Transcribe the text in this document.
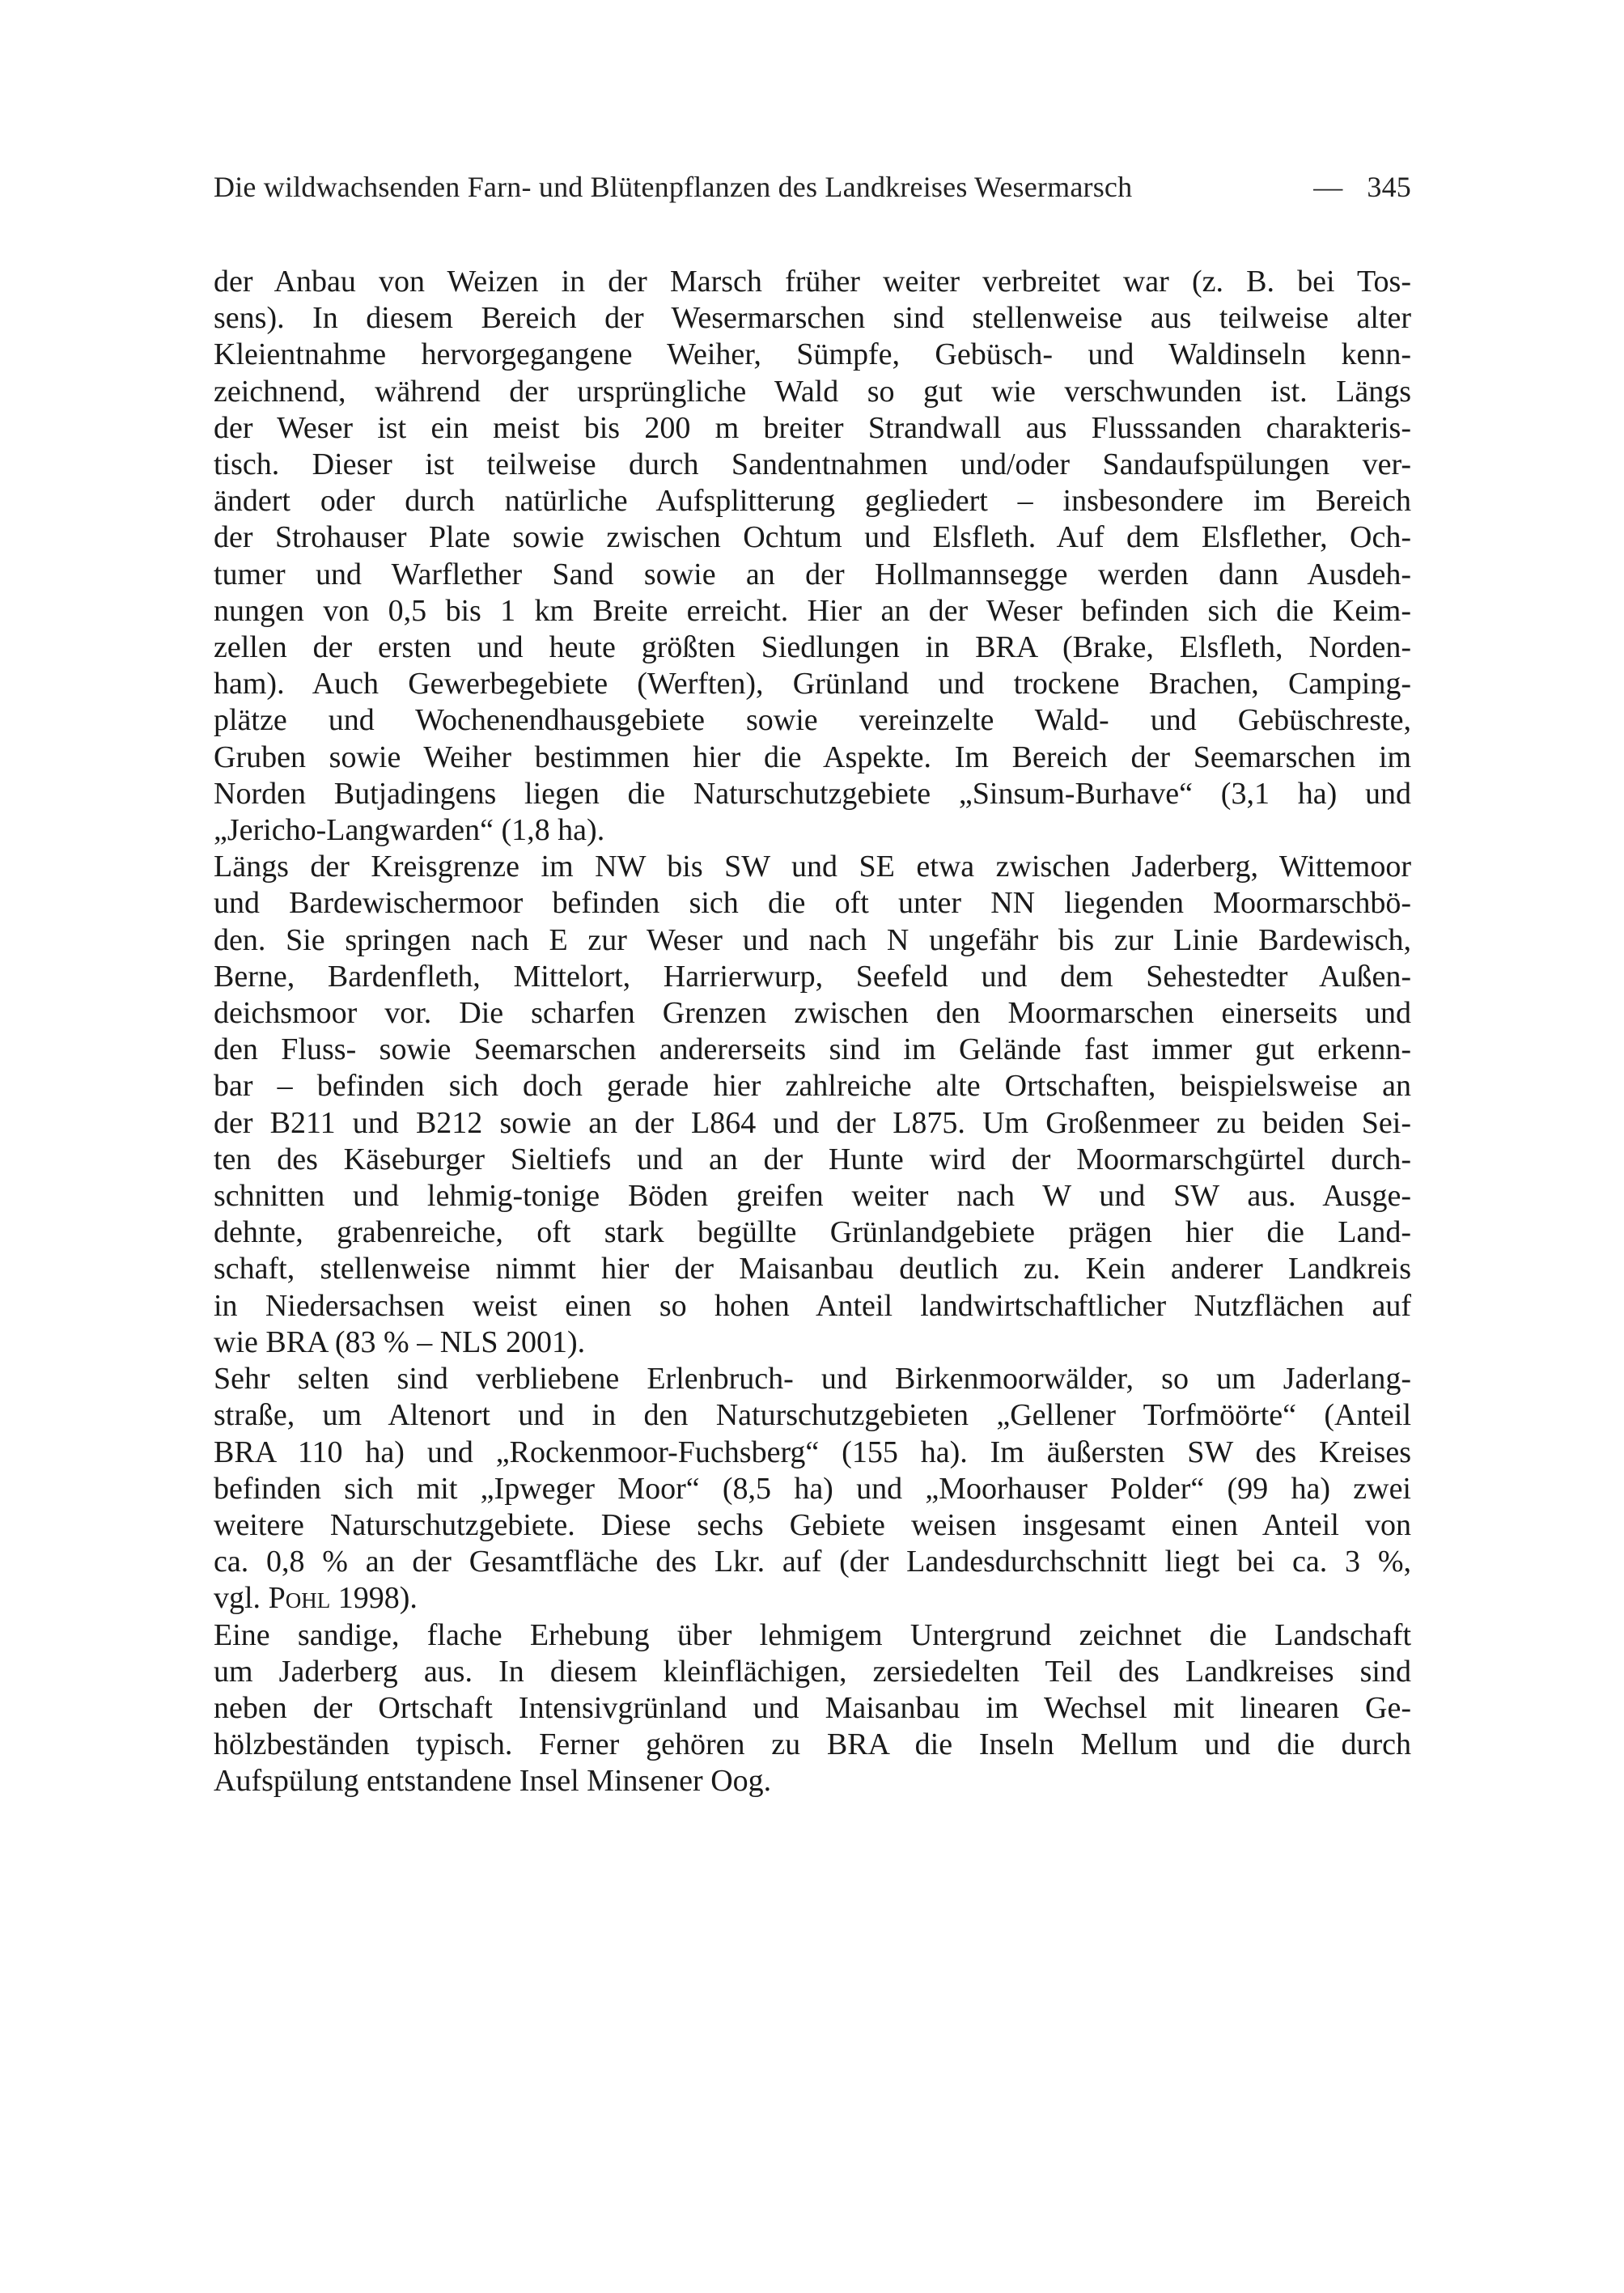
Die wildwachsenden Farn- und Blütenpflanzen des Landkreises Wesermarsch	— 345
der Anbau von Weizen in der Marsch früher weiter verbreitet war (z. B. bei Tos-
sens). In diesem Bereich der Wesermarschen sind stellenweise aus teilweise alter
Kleientnahme hervorgegangene Weiher, Sümpfe, Gebüsch- und Waldinseln kenn-
zeichnend, während der ursprüngliche Wald so gut wie verschwunden ist. Längs
der Weser ist ein meist bis 200 m breiter Strandwall aus Flusssanden charakteris-
tisch. Dieser ist teilweise durch Sandentnahmen und/oder Sandaufspülungen ver-
ändert oder durch natürliche Aufsplitterung gegliedert – insbesondere im Bereich
der Strohauser Plate sowie zwischen Ochtum und Elsfleth. Auf dem Elsflether, Och-
tumer und Warflether Sand sowie an der Hollmannsegge werden dann Ausdeh-
nungen von 0,5 bis 1 km Breite erreicht. Hier an der Weser befinden sich die Keim-
zellen der ersten und heute größten Siedlungen in BRA (Brake, Elsfleth, Norden-
ham). Auch Gewerbegebiete (Werften), Grünland und trockene Brachen, Camping-
plätze und Wochenendhausgebiete sowie vereinzelte Wald- und Gebüschreste,
Gruben sowie Weiher bestimmen hier die Aspekte. Im Bereich der Seemarschen im
Norden Butjadingens liegen die Naturschutzgebiete „Sinsum-Burhave“ (3,1 ha) und
„Jericho-Langwarden“ (1,8 ha).
Längs der Kreisgrenze im NW bis SW und SE etwa zwischen Jaderberg, Wittemoor
und Bardewischermoor befinden sich die oft unter NN liegenden Moormarschbö-
den. Sie springen nach E zur Weser und nach N ungefähr bis zur Linie Bardewisch,
Berne, Bardenfleth, Mittelort, Harrierwurp, Seefeld und dem Sehestedter Außen-
deichsmoor vor. Die scharfen Grenzen zwischen den Moormarschen einerseits und
den Fluss- sowie Seemarschen andererseits sind im Gelände fast immer gut erkenn-
bar – befinden sich doch gerade hier zahlreiche alte Ortschaften, beispielsweise an
der B211 und B212 sowie an der L864 und der L875. Um Großenmeer zu beiden Sei-
ten des Käseburger Sieltiefs und an der Hunte wird der Moormarschgürtel durch-
schnitten und lehmig-tonige Böden greifen weiter nach W und SW aus. Ausge-
dehnte, grabenreiche, oft stark begüllte Grünlandgebiete prägen hier die Land-
schaft, stellenweise nimmt hier der Maisanbau deutlich zu. Kein anderer Landkreis
in Niedersachsen weist einen so hohen Anteil landwirtschaftlicher Nutzflächen auf
wie BRA (83 % – NLS 2001).
Sehr selten sind verbliebene Erlenbruch- und Birkenmoorwälder, so um Jaderlang-
straße, um Altenort und in den Naturschutzgebieten „Gellener Torfmöörte“ (Anteil
BRA 110 ha) und „Rockenmoor-Fuchsberg“ (155 ha). Im äußersten SW des Kreises
befinden sich mit „Ipweger Moor“ (8,5 ha) und „Moorhauser Polder“ (99 ha) zwei
weitere Naturschutzgebiete. Diese sechs Gebiete weisen insgesamt einen Anteil von
ca. 0,8 % an der Gesamtfläche des Lkr. auf (der Landesdurchschnitt liegt bei ca. 3 %,
vgl. Pohl 1998).
Eine sandige, flache Erhebung über lehmigem Untergrund zeichnet die Landschaft
um Jaderberg aus. In diesem kleinflächigen, zersiedelten Teil des Landkreises sind
neben der Ortschaft Intensivgrünland und Maisanbau im Wechsel mit linearen Ge-
hölzbeständen typisch. Ferner gehören zu BRA die Inseln Mellum und die durch
Aufspülung entstandene Insel Minsener Oog.
